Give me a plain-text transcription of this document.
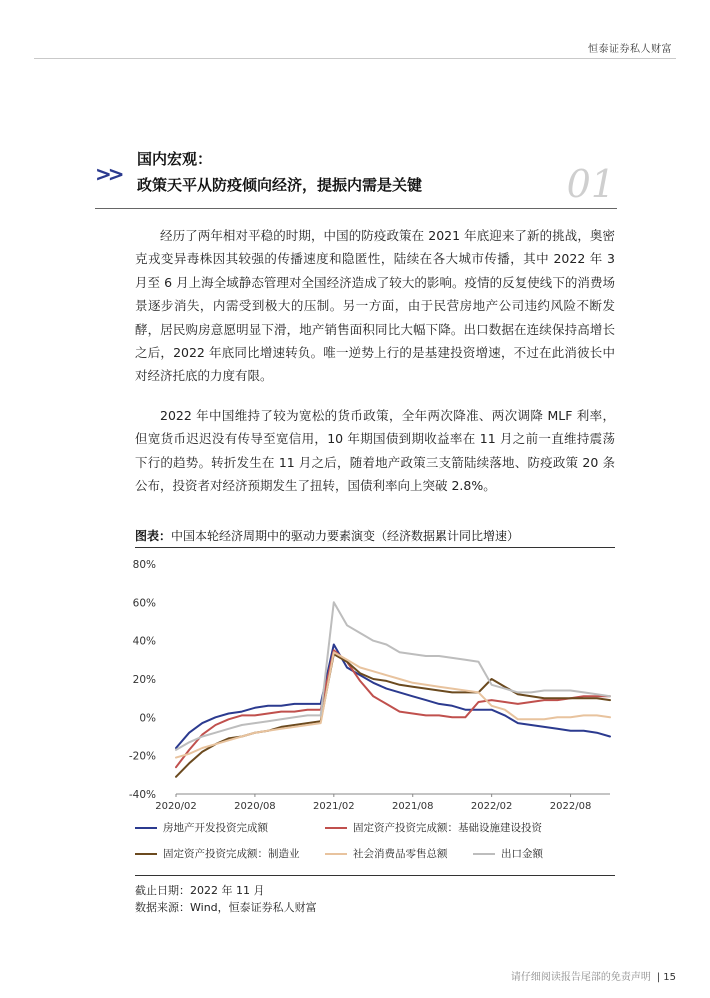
恒泰证券私人财富
>>
国内宏观：
政策天平从防疫倾向经济，提振内需是关键	01

经历了两年相对平稳的时期，中国的防疫政策在 2021 年底迎来了新的挑战，奥密克戎变异毒株因其较强的传播速度和隐匿性，陆续在各大城市传播，其中 2022 年 3 月至 6 月上海全域静态管理对全国经济造成了较大的影响。疫情的反复使线下的消费场景逐步消失，内需受到极大的压制。另一方面，由于民营房地产公司违约风险不断发酵，居民购房意愿明显下滑，地产销售面积同比大幅下降。出口数据在连续保持高增长之后，2022 年底同比增速转负。唯一逆势上行的是基建投资增速，不过在此消彼长中对经济托底的力度有限。

2022 年中国维持了较为宽松的货币政策，全年两次降准、两次调降 MLF 利率，但宽货币迟迟没有传导至宽信用，10 年期国债到期收益率在 11 月之前一直维持震荡下行的趋势。转折发生在 11 月之后，随着地产政策三支箭陆续落地、防疫政策 20 条公布，投资者对经济预期发生了扭转，国债利率向上突破 2.8%。

图表：中国本轮经济周期中的驱动力要素演变（经济数据累计同比增速）
80%
60%
40%
20%
0%
-20%
-40%
2020/02	2020/08	2021/02	2021/08	2022/02	2022/08
房地产开发投资完成额	固定资产投资完成额：基础设施建设投资
固定资产投资完成额：制造业	社会消费品零售总额	出口金额
截止日期：2022 年 11 月
数据来源：Wind，恒泰证券私人财富
请仔细阅读报告尾部的免责声明 | 15
